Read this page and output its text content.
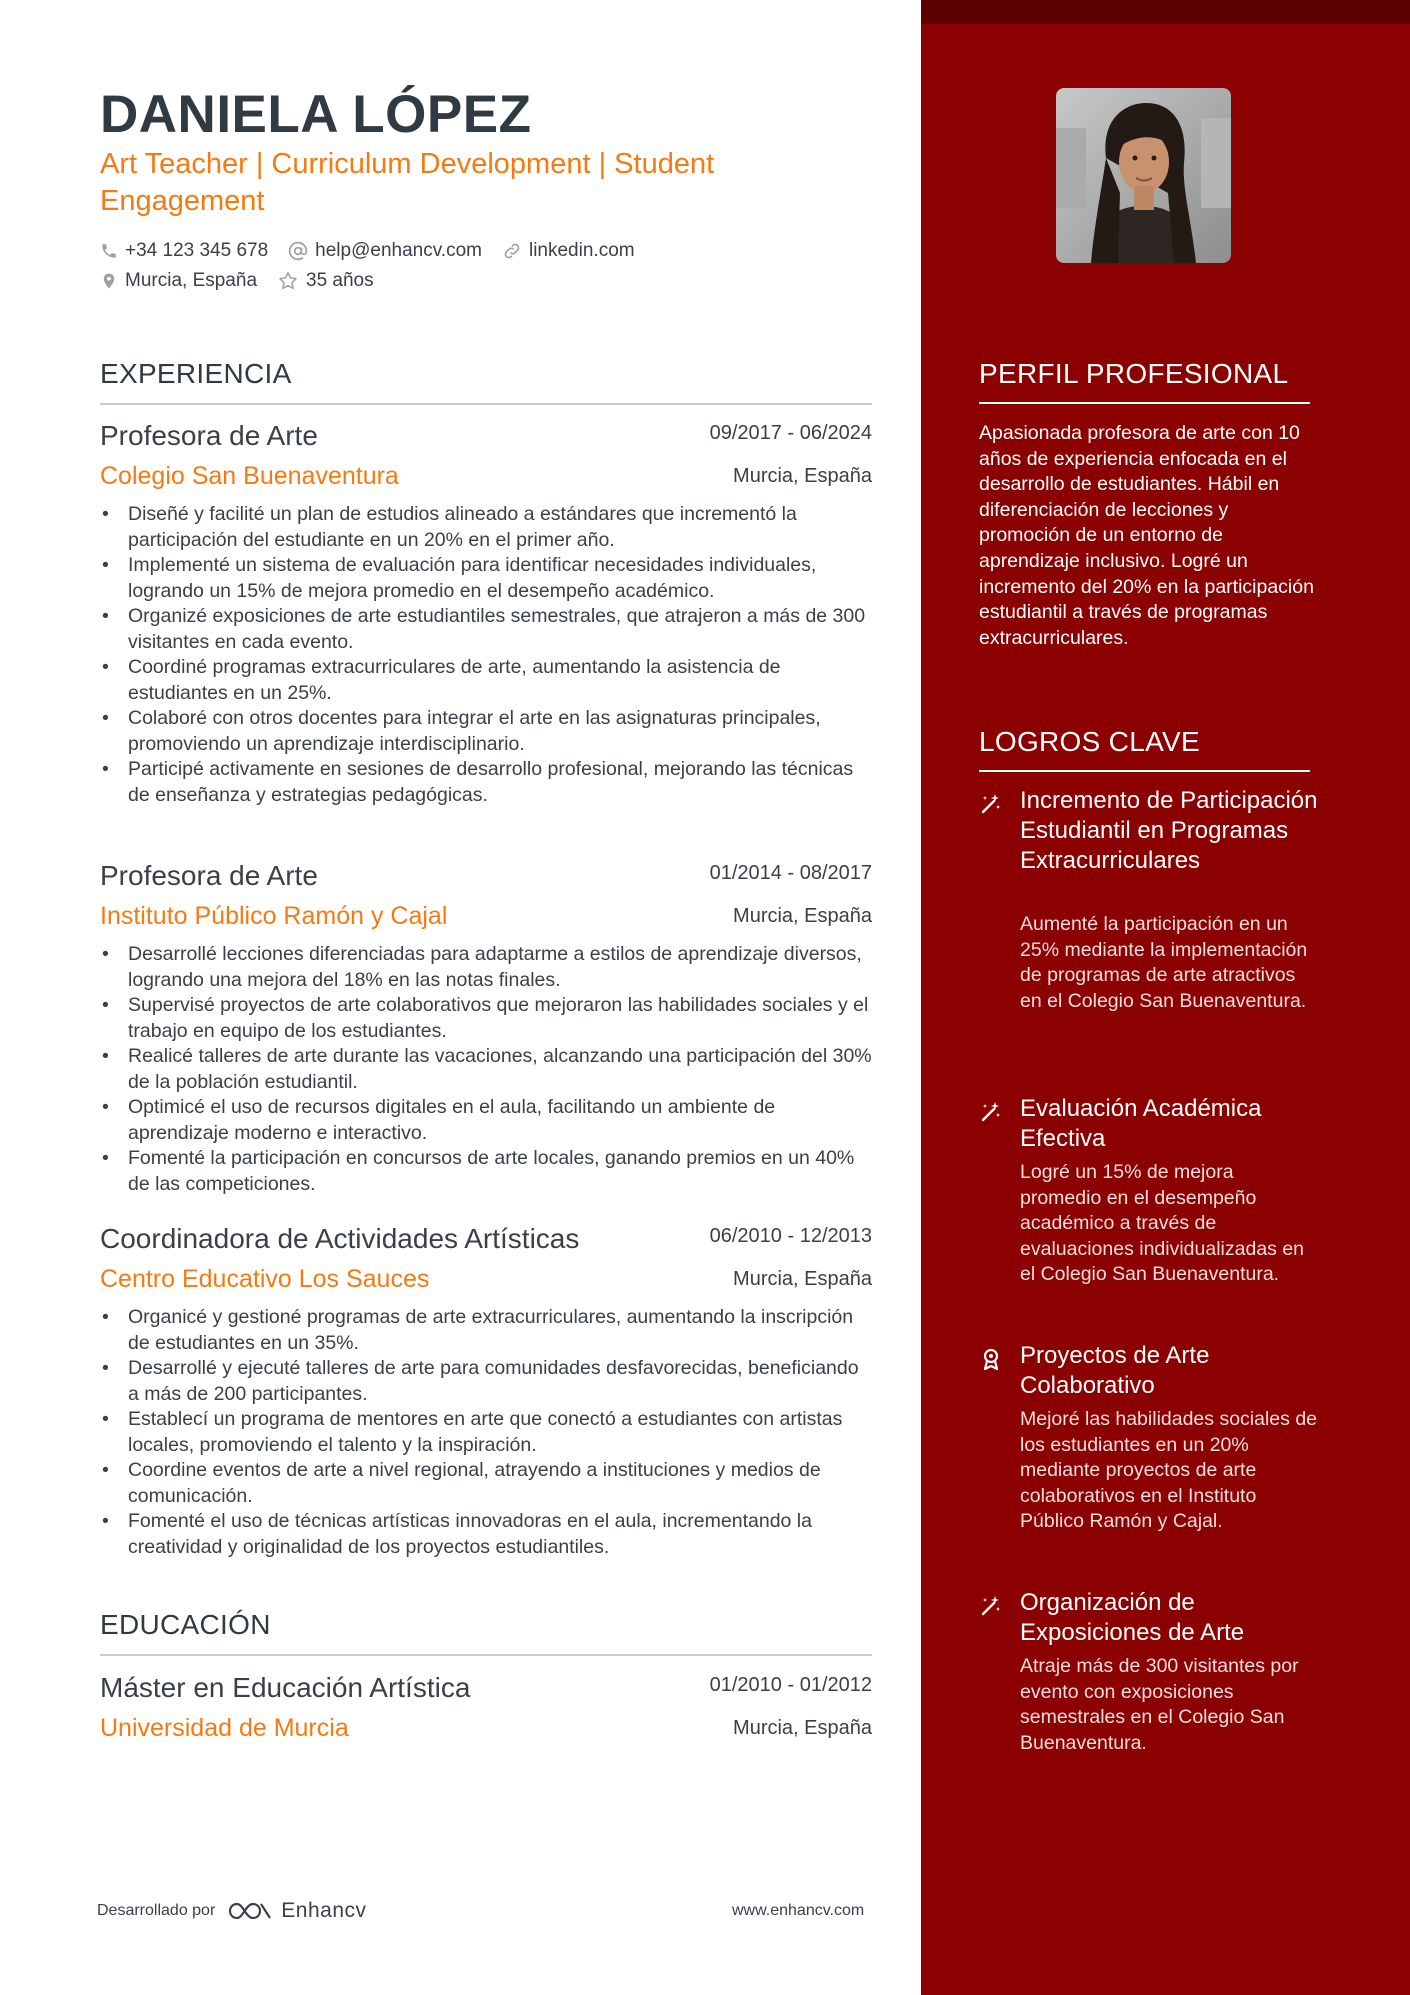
DANIELA LÓPEZ
Art Teacher | Curriculum Development | Student Engagement
+34 123 345 678 help@enhancv.com linkedin.com
Murcia, España	35 años
EXPERIENCIA
Profesora de Arte	09/2017 - 06/2024
Colegio San Buenaventura	Murcia, España
• Diseñé y facilité un plan de estudios alineado a estándares que incrementó la participación del estudiante en un 20% en el primer año.
• Implementé un sistema de evaluación para identificar necesidades individuales, logrando un 15% de mejora promedio en el desempeño académico.
• Organizé exposiciones de arte estudiantiles semestrales, que atrajeron a más de 300 visitantes en cada evento.
• Coordiné programas extracurriculares de arte, aumentando la asistencia de estudiantes en un 25%.
• Colaboré con otros docentes para integrar el arte en las asignaturas principales, promoviendo un aprendizaje interdisciplinario.
• Participé activamente en sesiones de desarrollo profesional, mejorando las técnicas de enseñanza y estrategias pedagógicas.
Profesora de Arte	01/2014 - 08/2017
Instituto Público Ramón y Cajal	Murcia, España
• Desarrollé lecciones diferenciadas para adaptarme a estilos de aprendizaje diversos, logrando una mejora del 18% en las notas finales.
• Supervisé proyectos de arte colaborativos que mejoraron las habilidades sociales y el trabajo en equipo de los estudiantes.
• Realicé talleres de arte durante las vacaciones, alcanzando una participación del 30% de la población estudiantil.
• Optimicé el uso de recursos digitales en el aula, facilitando un ambiente de aprendizaje moderno e interactivo.
• Fomenté la participación en concursos de arte locales, ganando premios en un 40% de las competiciones.
Coordinadora de Actividades Artísticas	06/2010 - 12/2013
Centro Educativo Los Sauces	Murcia, España
• Organicé y gestioné programas de arte extracurriculares, aumentando la inscripción de estudiantes en un 35%.
• Desarrollé y ejecuté talleres de arte para comunidades desfavorecidas, beneficiando a más de 200 participantes.
• Establecí un programa de mentores en arte que conectó a estudiantes con artistas locales, promoviendo el talento y la inspiración.
• Coordine eventos de arte a nivel regional, atrayendo a instituciones y medios de comunicación.
• Fomenté el uso de técnicas artísticas innovadoras en el aula, incrementando la creatividad y originalidad de los proyectos estudiantiles.
EDUCACIÓN
Máster en Educación Artística	01/2010 - 01/2012
Universidad de Murcia	Murcia, España
Desarrollado por	Enhancv	www.enhancv.com
PERFIL PROFESIONAL

Apasionada profesora de arte con 10 años de experiencia enfocada en el desarrollo de estudiantes. Hábil en diferenciación de lecciones y promoción de un entorno de aprendizaje inclusivo. Logré un incremento del 20% en la participación estudiantil a través de programas extracurriculares.

LOGROS CLAVE
Incremento de Participación Estudiantil en Programas Extracurriculares
Aumenté la participación en un 25% mediante la implementación de programas de arte atractivos en el Colegio San Buenaventura.
Evaluación Académica Efectiva
Logré un 15% de mejora promedio en el desempeño académico a través de evaluaciones individualizadas en el Colegio San Buenaventura.
Proyectos de Arte Colaborativo
Mejoré las habilidades sociales de los estudiantes en un 20% mediante proyectos de arte colaborativos en el Instituto Público Ramón y Cajal.
Organización de Exposiciones de Arte
Atraje más de 300 visitantes por evento con exposiciones semestrales en el Colegio San Buenaventura.
